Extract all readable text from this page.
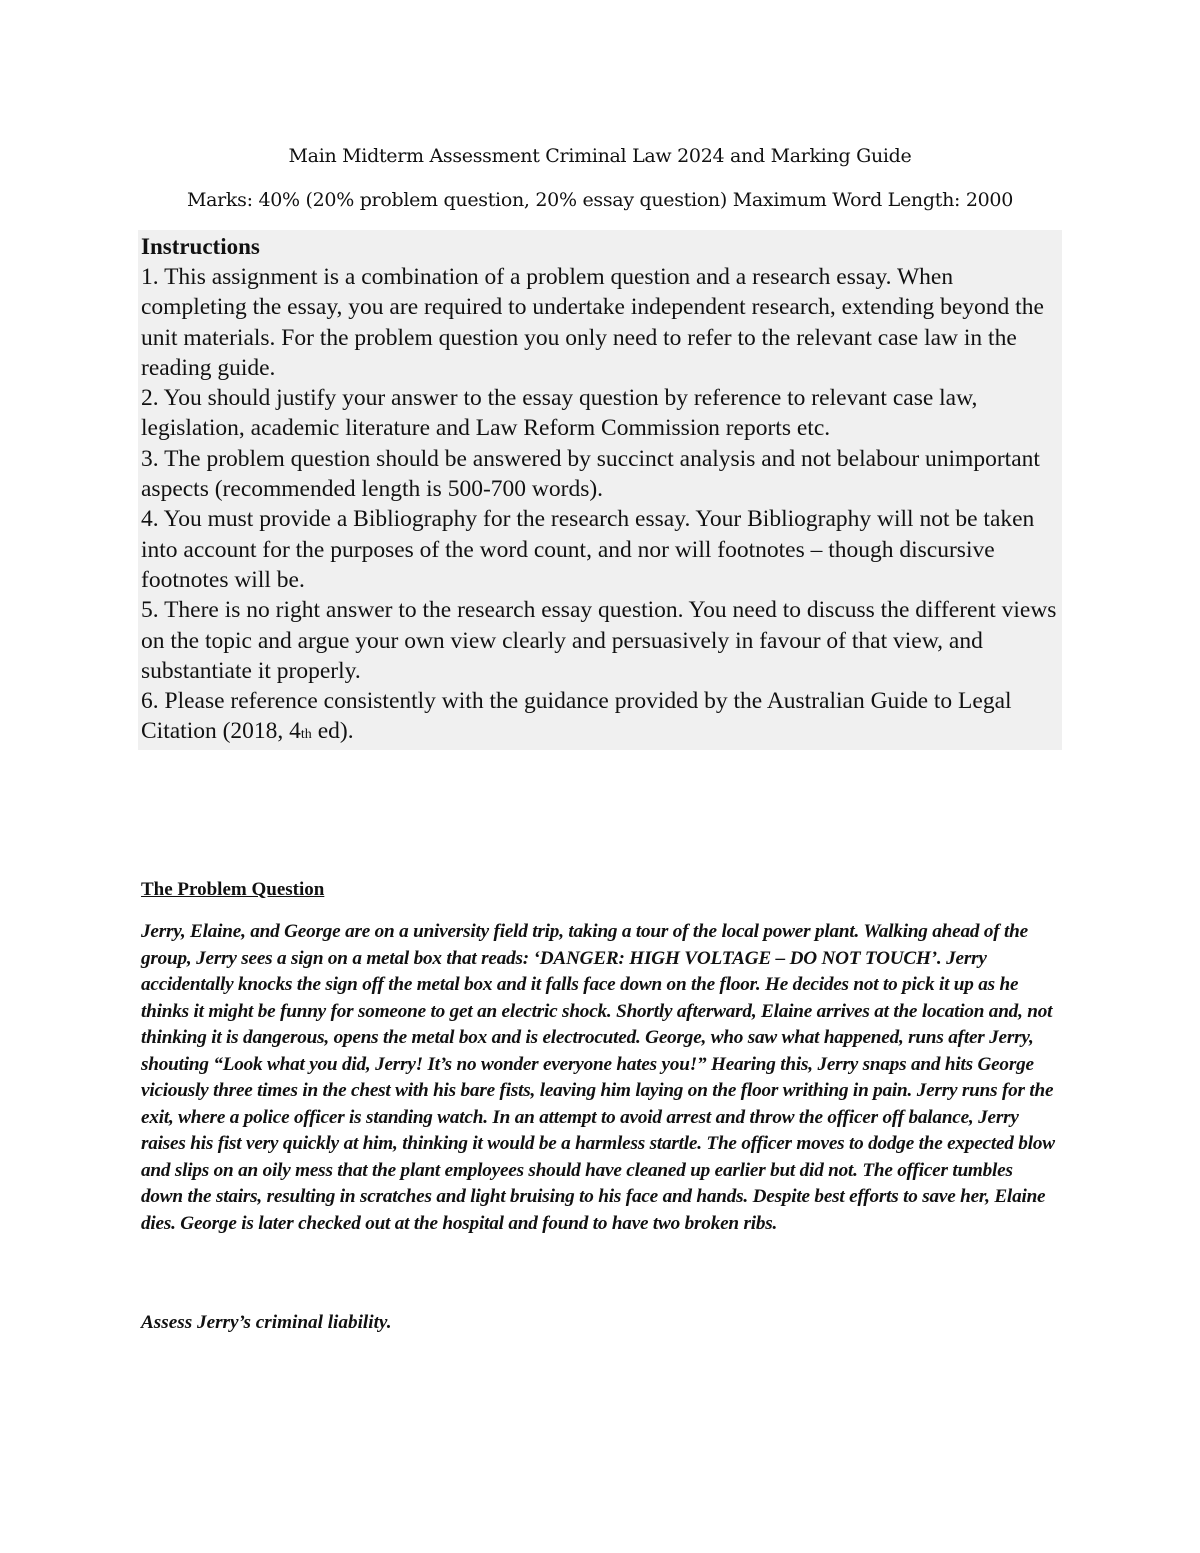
Main Midterm Assessment Criminal Law 2024 and Marking Guide

Marks: 40% (20% problem question, 20% essay question) Maximum Word Length: 2000

Instructions
1. This assignment is a combination of a problem question and a research essay. When completing the essay, you are required to undertake independent research, extending beyond the unit materials. For the problem question you only need to refer to the relevant case law in the reading guide.
2. You should justify your answer to the essay question by reference to relevant case law, legislation, academic literature and Law Reform Commission reports etc.
3. The problem question should be answered by succinct analysis and not belabour unimportant aspects (recommended length is 500-700 words).
4. You must provide a Bibliography for the research essay. Your Bibliography will not be taken into account for the purposes of the word count, and nor will footnotes – though discursive footnotes will be.
5. There is no right answer to the research essay question. You need to discuss the different views on the topic and argue your own view clearly and persuasively in favour of that view, and substantiate it properly.
6. Please reference consistently with the guidance provided by the Australian Guide to Legal Citation (2018, 4th ed).

The Problem Question

Jerry, Elaine, and George are on a university field trip, taking a tour of the local power plant. Walking ahead of the group, Jerry sees a sign on a metal box that reads: ‘DANGER: HIGH VOLTAGE – DO NOT TOUCH’. Jerry accidentally knocks the sign off the metal box and it falls face down on the floor. He decides not to pick it up as he thinks it might be funny for someone to get an electric shock. Shortly afterward, Elaine arrives at the location and, not thinking it is dangerous, opens the metal box and is electrocuted. George, who saw what happened, runs after Jerry, shouting “Look what you did, Jerry! It’s no wonder everyone hates you!” Hearing this, Jerry snaps and hits George viciously three times in the chest with his bare fists, leaving him laying on the floor writhing in pain. Jerry runs for the exit, where a police officer is standing watch. In an attempt to avoid arrest and throw the officer off balance, Jerry raises his fist very quickly at him, thinking it would be a harmless startle. The officer moves to dodge the expected blow and slips on an oily mess that the plant employees should have cleaned up earlier but did not. The officer tumbles down the stairs, resulting in scratches and light bruising to his face and hands. Despite best efforts to save her, Elaine dies. George is later checked out at the hospital and found to have two broken ribs.

Assess Jerry’s criminal liability.
